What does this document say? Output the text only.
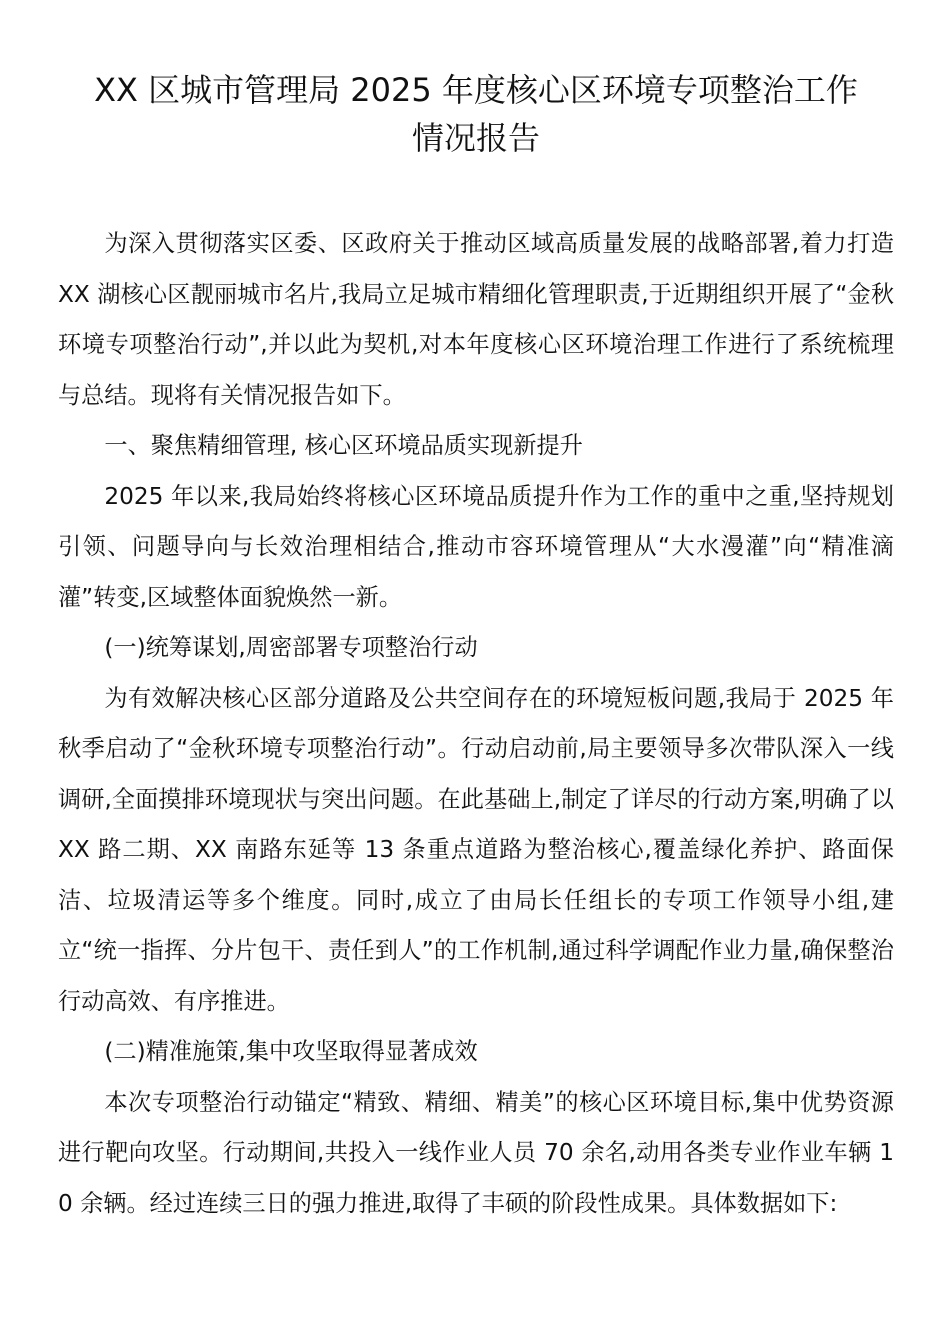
XX 区城市管理局 2025 年度核心区环境专项整治工作
情况报告

为深入贯彻落实区委、区政府关于推动区域高质量发展的战略部署,着力打造 XX 湖核心区靓丽城市名片,我局立足城市精细化管理职责,于近期组织开展了“金秋环境专项整治行动”,并以此为契机,对本年度核心区环境治理工作进行了系统梳理与总结。现将有关情况报告如下。

一、聚焦精细管理, 核心区环境品质实现新提升

2025 年以来,我局始终将核心区环境品质提升作为工作的重中之重,坚持规划引领、问题导向与长效治理相结合,推动市容环境管理从“大水漫灌”向“精准滴灌”转变,区域整体面貌焕然一新。

(一)统筹谋划,周密部署专项整治行动

为有效解决核心区部分道路及公共空间存在的环境短板问题,我局于 2025 年秋季启动了“金秋环境专项整治行动”。行动启动前,局主要领导多次带队深入一线调研,全面摸排环境现状与突出问题。在此基础上,制定了详尽的行动方案,明确了以 XX 路二期、XX 南路东延等 13 条重点道路为整治核心,覆盖绿化养护、路面保洁、垃圾清运等多个维度。同时,成立了由局长任组长的专项工作领导小组,建立“统一指挥、分片包干、责任到人”的工作机制,通过科学调配作业力量,确保整治行动高效、有序推进。

(二)精准施策,集中攻坚取得显著成效

本次专项整治行动锚定“精致、精细、精美”的核心区环境目标,集中优势资源进行靶向攻坚。行动期间,共投入一线作业人员 70 余名,动用各类专业作业车辆 10 余辆。经过连续三日的强力推进,取得了丰硕的阶段性成果。具体数据如下:
